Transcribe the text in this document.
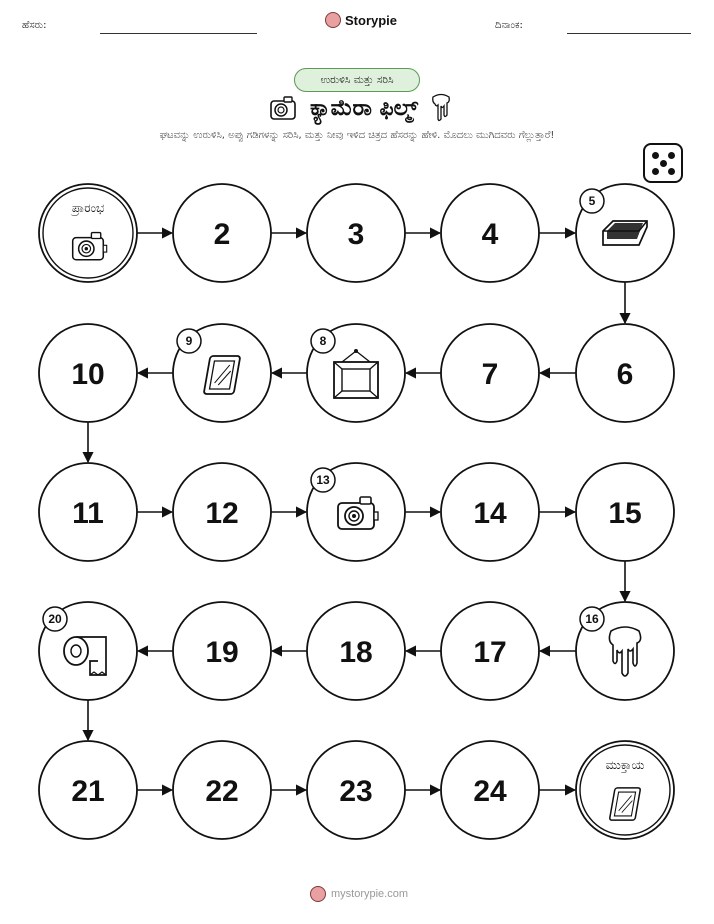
ಹೆಸರು:	Storypie	ದಿನಾಂಕ:
ಉರುಳಿಸಿ ಮತ್ತು ಸರಿಸಿ
ಕ್ಯಾಮೆರಾ ಫಿಲ್ಮ್
ಘಟವನ್ನು ಉರುಳಿಸಿ, ಅಪ್ಪು ಗಡಿಗಳನ್ನು ಸರಿಸಿ, ಮತ್ತು ನೀವು ಇಳಿದ ಚಿತ್ರದ ಹೆಸರನ್ನು ಹೇಳಿ. ಮೊದಲು ಮುಗಿದವರು ಗೆಲ್ಲುತ್ತಾರೆ!
ಪ್ರಾರಂಭ
2	3	4
5
6
7
8
9
10
11	12
13
14	15
16
17
18
19
20
21	22	23	24
ಮುಕ್ತಾಯ
mystorypie.com
